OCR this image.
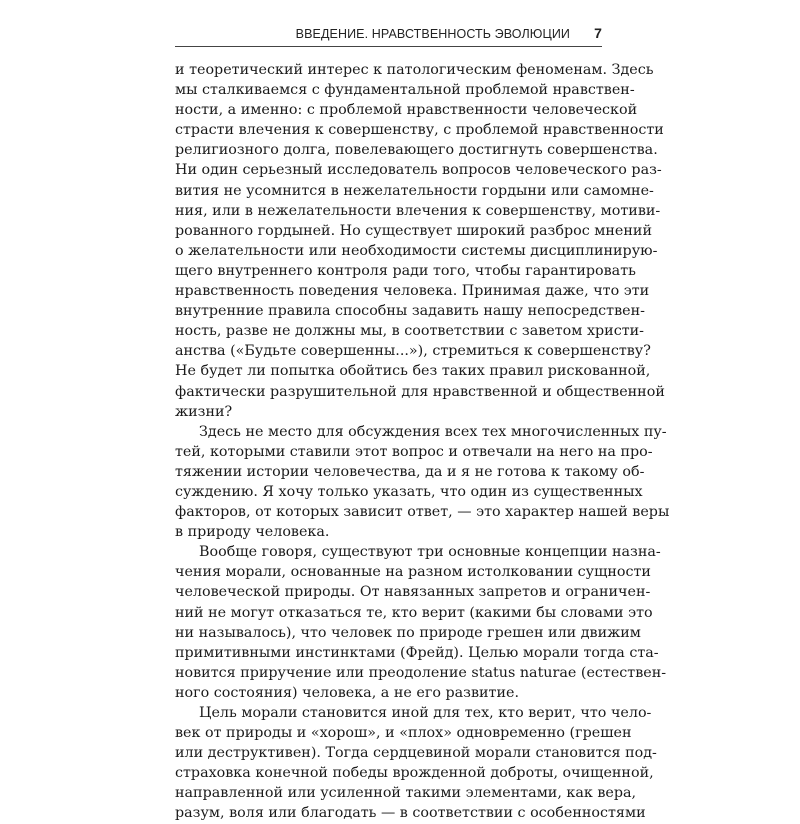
ВВЕДЕНИЕ. НРАВСТВЕННОСТЬ ЭВОЛЮЦИИ 7
и теоретический интерес к патологическим феноменам. Здесь
мы сталкиваемся с фундаментальной проблемой нравствен-
ности, а именно: с проблемой нравственности человеческой
страсти влечения к совершенству, с проблемой нравственности
религиозного долга, повелевающего достигнуть совершенства.
Ни один серьезный исследователь вопросов человеческого раз-
вития не усомнится в нежелательности гордыни или самомне-
ния, или в нежелательности влечения к совершенству, мотиви-
рованного гордыней. Но существует широкий разброс мнений
о желательности или необходимости системы дисциплинирую-
щего внутреннего контроля ради того, чтобы гарантировать
нравственность поведения человека. Принимая даже, что эти
внутренние правила способны задавить нашу непосредствен-
ность, разве не должны мы, в соответствии с заветом христи-
анства («Будьте совершенны...»), стремиться к совершенству?
Не будет ли попытка обойтись без таких правил рискованной,
фактически разрушительной для нравственной и общественной
жизни?
Здесь не место для обсуждения всех тех многочисленных пу-
тей, которыми ставили этот вопрос и отвечали на него на про-
тяжении истории человечества, да и я не готова к такому об-
суждению. Я хочу только указать, что один из существенных
факторов, от которых зависит ответ, — это характер нашей веры
в природу человека.
Вообще говоря, существуют три основные концепции назна-
чения морали, основанные на разном истолковании сущности
человеческой природы. От навязанных запретов и ограничен-
ний не могут отказаться те, кто верит (какими бы словами это
ни называлось), что человек по природе грешен или движим
примитивными инстинктами (Фрейд). Целью морали тогда ста-
новится приручение или преодоление status naturae (естествен-
ного состояния) человека, а не его развитие.
Цель морали становится иной для тех, кто верит, что чело-
век от природы и «хорош», и «плох» одновременно (грешен
или деструктивен). Тогда сердцевиной морали становится под-
страховка конечной победы врожденной доброты, очищенной,
направленной или усиленной такими элементами, как вера,
разум, воля или благодать — в соответствии с особенностями
